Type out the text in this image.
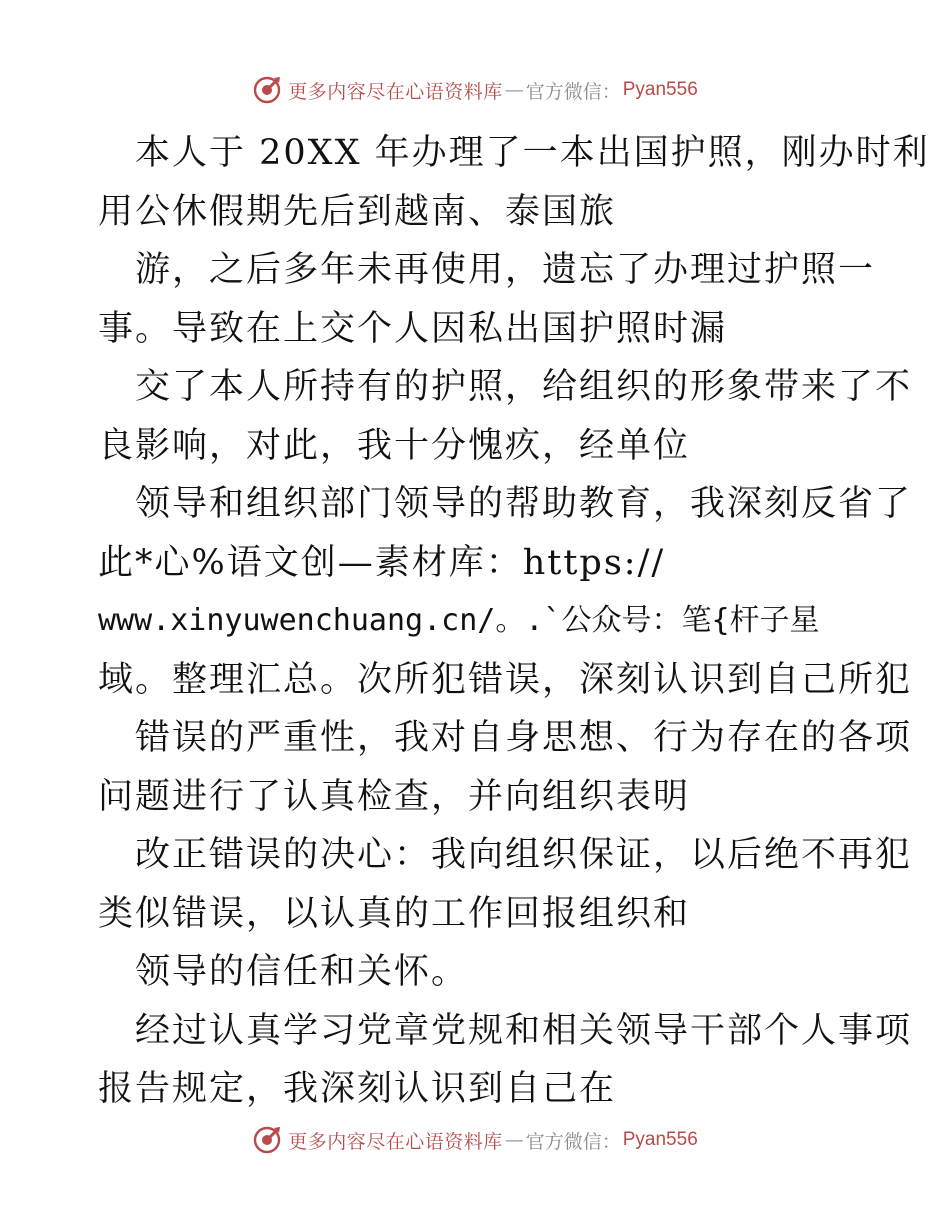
更多内容尽在心语资料库 — 官方微信： Pyan556
本人于 20XX 年办理了一本出国护照，刚办时利
用公休假期先后到越南、泰国旅
游，之后多年未再使用，遗忘了办理过护照一
事。导致在上交个人因私出国护照时漏
交了本人所持有的护照，给组织的形象带来了不
良影响，对此，我十分愧疚，经单位
领导和组织部门领导的帮助教育，我深刻反省了
此*心%语文创—素材库：https://
www.xinyuwenchuang.cn/。.`公众号：笔{杆子星
域。整理汇总。次所犯错误，深刻认识到自己所犯
错误的严重性，我对自身思想、行为存在的各项
问题进行了认真检查，并向组织表明
改正错误的决心：我向组织保证，以后绝不再犯
类似错误，以认真的工作回报组织和
领导的信任和关怀。
经过认真学习党章党规和相关领导干部个人事项
报告规定，我深刻认识到自己在
更多内容尽在心语资料库 — 官方微信： Pyan556
